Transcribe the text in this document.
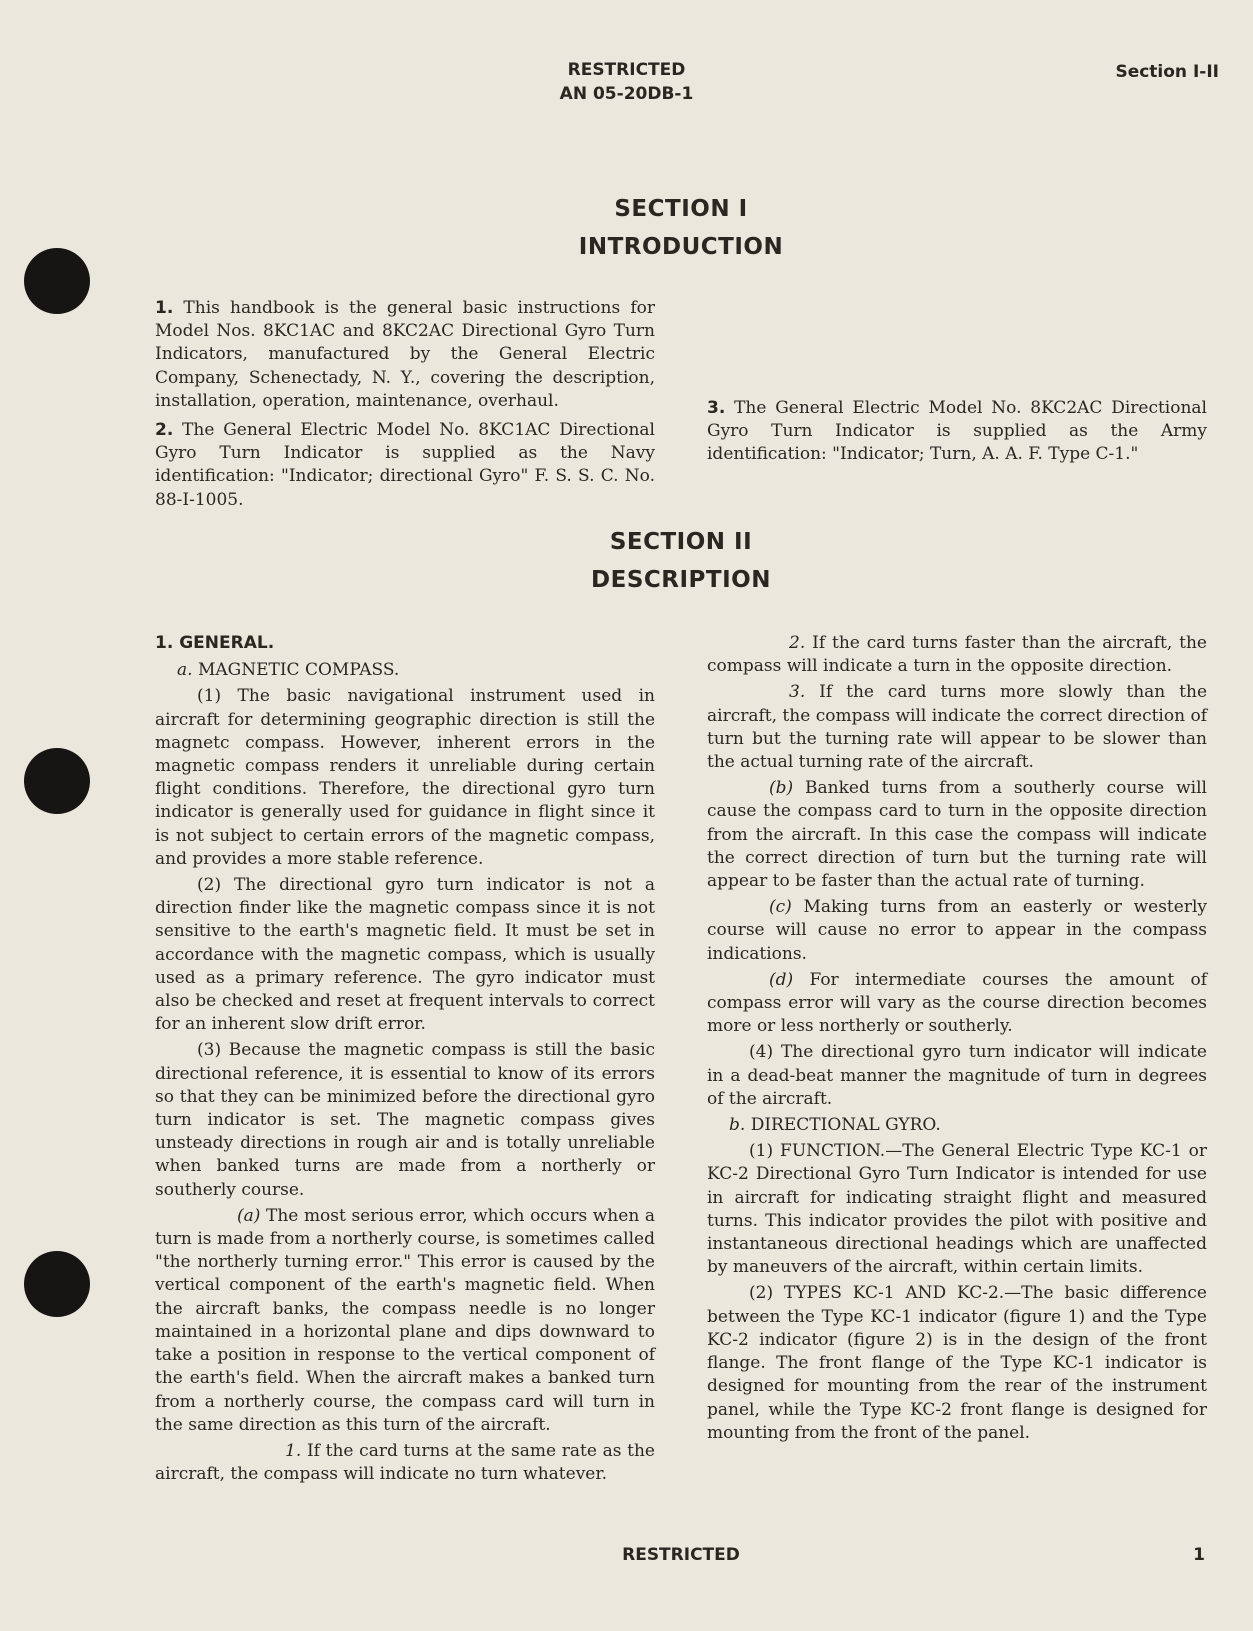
RESTRICTED
AN 05-20DB-1
Section I-II
SECTION I
INTRODUCTION

1. This handbook is the general basic instructions for Model Nos. 8KC1AC and 8KC2AC Directional Gyro Turn Indicators, manufactured by the General Electric Company, Schenectady, N. Y., covering the description, installation, operation, maintenance, overhaul.

2. The General Electric Model No. 8KC1AC Directional Gyro Turn Indicator is supplied as the Navy identification: "Indicator; directional Gyro" F. S. S. C. No. 88-I-1005.

3. The General Electric Model No. 8KC2AC Directional Gyro Turn Indicator is supplied as the Army identification: "Indicator; Turn, A. A. F. Type C-1."

SECTION II
DESCRIPTION

1. GENERAL.

a. MAGNETIC COMPASS.

(1) The basic navigational instrument used in aircraft for determining geographic direction is still the magnetc compass. However, inherent errors in the magnetic compass renders it unreliable during certain flight conditions. Therefore, the directional gyro turn indicator is generally used for guidance in flight since it is not subject to certain errors of the magnetic compass, and provides a more stable reference.

(2) The directional gyro turn indicator is not a direction finder like the magnetic compass since it is not sensitive to the earth's magnetic field. It must be set in accordance with the magnetic compass, which is usually used as a primary reference. The gyro indicator must also be checked and reset at frequent intervals to correct for an inherent slow drift error.

(3) Because the magnetic compass is still the basic directional reference, it is essential to know of its errors so that they can be minimized before the directional gyro turn indicator is set. The magnetic compass gives unsteady directions in rough air and is totally unreliable when banked turns are made from a northerly or southerly course.

(a) The most serious error, which occurs when a turn is made from a northerly course, is sometimes called "the northerly turning error." This error is caused by the vertical component of the earth's magnetic field. When the aircraft banks, the compass needle is no longer maintained in a horizontal plane and dips downward to take a position in response to the vertical component of the earth's field. When the aircraft makes a banked turn from a northerly course, the compass card will turn in the same direction as this turn of the aircraft.

1. If the card turns at the same rate as the aircraft, the compass will indicate no turn whatever.

2. If the card turns faster than the aircraft, the compass will indicate a turn in the opposite direction.

3. If the card turns more slowly than the aircraft, the compass will indicate the correct direction of turn but the turning rate will appear to be slower than the actual turning rate of the aircraft.

(b) Banked turns from a southerly course will cause the compass card to turn in the opposite direction from the aircraft. In this case the compass will indicate the correct direction of turn but the turning rate will appear to be faster than the actual rate of turning.

(c) Making turns from an easterly or westerly course will cause no error to appear in the compass indications.

(d) For intermediate courses the amount of compass error will vary as the course direction becomes more or less northerly or southerly.

(4) The directional gyro turn indicator will indicate in a dead-beat manner the magnitude of turn in degrees of the aircraft.

b. DIRECTIONAL GYRO.

(1) FUNCTION.—The General Electric Type KC-1 or KC-2 Directional Gyro Turn Indicator is intended for use in aircraft for indicating straight flight and measured turns. This indicator provides the pilot with positive and instantaneous directional headings which are unaffected by maneuvers of the aircraft, within certain limits.

(2) TYPES KC-1 AND KC-2.—The basic difference between the Type KC-1 indicator (figure 1) and the Type KC-2 indicator (figure 2) is in the design of the front flange. The front flange of the Type KC-1 indicator is designed for mounting from the rear of the instrument panel, while the Type KC-2 front flange is designed for mounting from the front of the panel.

RESTRICTED	1
